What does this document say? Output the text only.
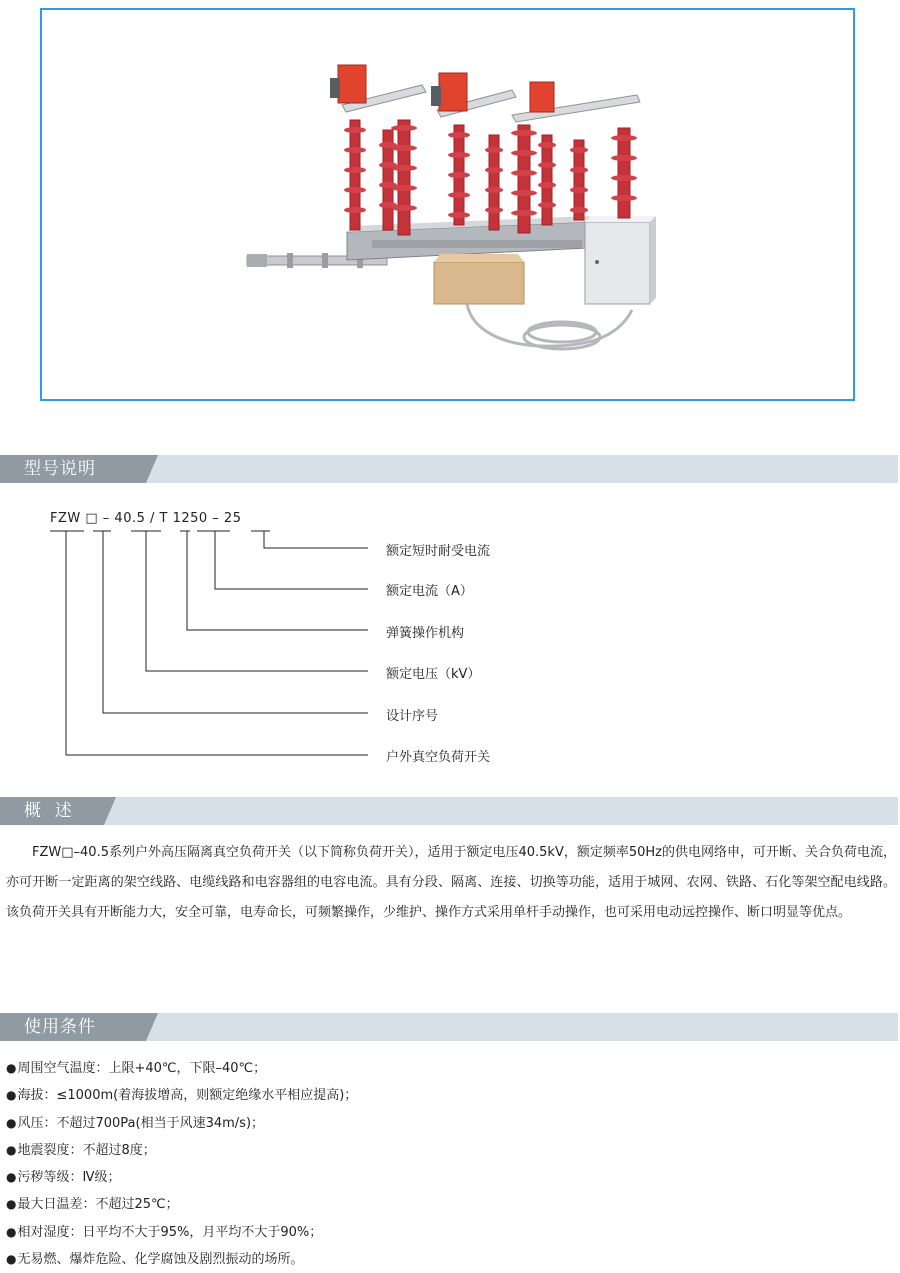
型号说明
FZW □ – 40.5 / T 1250 – 25
额定短时耐受电流
额定电流（A）
弹簧操作机构
额定电压（kV）
设计序号
户外真空负荷开关
概  述
FZW□–40.5系列户外高压隔离真空负荷开关（以下简称负荷开关），适用于额定电压40.5kV，额定频率50Hz的供电网络申，可开断、关合负荷电流，亦可开断一定距离的架空线路、电缆线路和电容器组的电容电流。具有分段、隔离、连接、切换等功能，适用于城网、农网、铁路、石化等架空配电线路。该负荷开关具有开断能力大，安全可靠，电寿命长，可频繁操作，少维护、操作方式采用单杆手动操作，也可采用电动远控操作、断口明显等优点。
使用条件
●周围空气温度：上限+40℃，下限–40℃；
●海拔：≤1000m(着海拔增高，则额定绝缘水平相应提高)；
●风压：不超过700Pa(相当于风速34m/s)；
●地震裂度：不超过8度；
●污秽等级：Ⅳ级；
●最大日温差：不超过25℃；
●相对湿度：日平均不大于95%，月平均不大于90%；
●无易燃、爆炸危险、化学腐蚀及剧烈振动的场所。
